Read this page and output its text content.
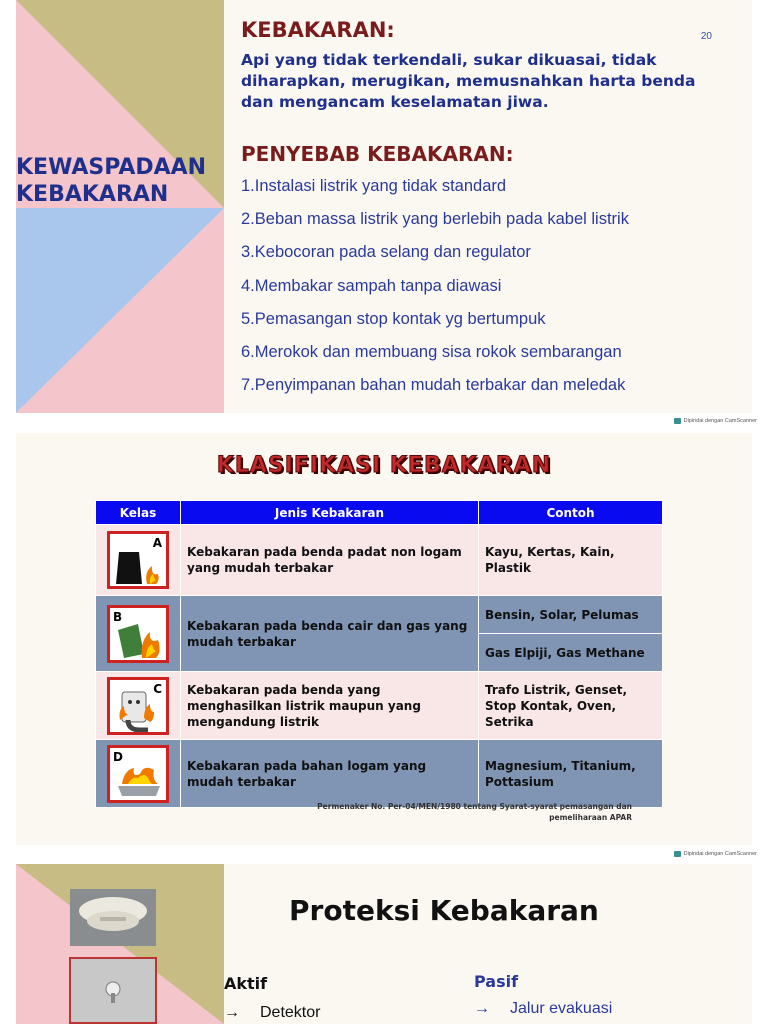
KEWASPADAAN
KEBAKARAN
20
KEBAKARAN:
Api yang tidak terkendali, sukar dikuasai, tidak diharapkan, merugikan, memusnahkan harta benda dan mengancam keselamatan jiwa.
PENYEBAB KEBAKARAN:
1.Instalasi listrik yang tidak standard
2.Beban massa listrik yang berlebih pada kabel listrik
3.Kebocoran pada selang dan regulator
4.Membakar sampah tanpa diawasi
5.Pemasangan stop kontak yg bertumpuk
6.Merokok dan membuang sisa rokok sembarangan
7.Penyimpanan bahan mudah terbakar dan meledak
Dipindai dengan CamScanner
KLASIFIKASI KEBAKARAN
Kelas	Jenis Kebakaran	Contoh

A	Kebakaran pada benda padat non logam yang mudah terbakar	Kayu, Kertas, Kain, Plastik

B	Kebakaran pada benda cair dan gas yang mudah terbakar	Bensin, Solar, Pelumas
		Gas Elpiji, Gas Methane

C	Kebakaran pada benda yang menghasilkan listrik maupun yang mengandung listrik	Trafo Listrik, Genset, Stop Kontak, Oven, Setrika

D	Kebakaran pada bahan logam yang mudah terbakar	Magnesium, Titanium, Pottasium
Permenaker No. Per-04/MEN/1980 tentang Syarat-syarat pemasangan dan
pemeliharaan APAR
Dipindai dengan CamScanner
Proteksi Kebakaran
Aktif
→ Detektor
Pasif
→ Jalur evakuasi
